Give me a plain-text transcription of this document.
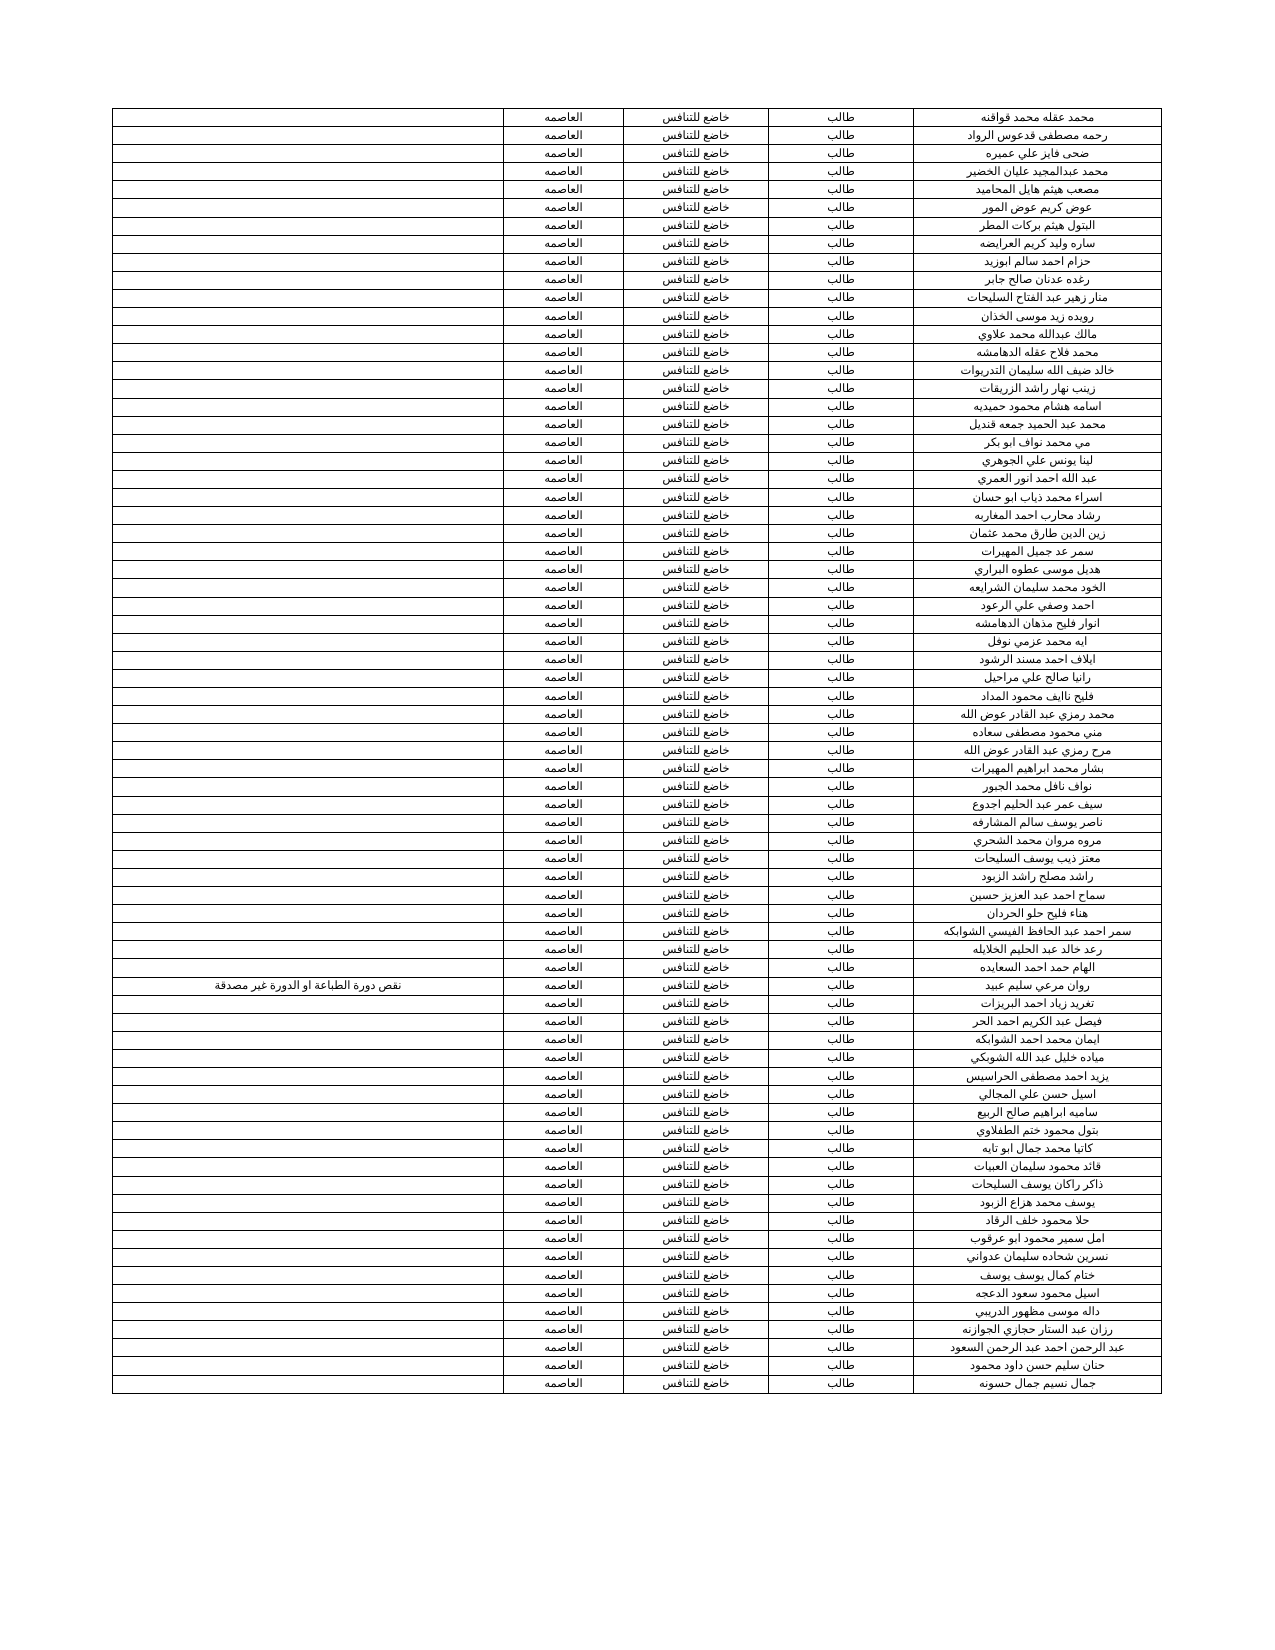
محمد عقله محمد قواقنه	طالب	خاضع للتنافس	العاصمه	
رحمه مصطفى قدعوس الرواد	طالب	خاضع للتنافس	العاصمه	
ضحى فايز علي عميره	طالب	خاضع للتنافس	العاصمه	
محمد عبدالمجيد عليان الخضير	طالب	خاضع للتنافس	العاصمه	
مصعب هيثم هايل المحاميد	طالب	خاضع للتنافس	العاصمه	
عوض كريم عوض المور	طالب	خاضع للتنافس	العاصمه	
البتول هيثم بركات المطر	طالب	خاضع للتنافس	العاصمه	
ساره وليد كريم العرايضه	طالب	خاضع للتنافس	العاصمه	
حزام احمد سالم ابوزيد	طالب	خاضع للتنافس	العاصمه	
رغده عدنان صالح جابر	طالب	خاضع للتنافس	العاصمه	
منار زهير عبد الفتاح السليحات	طالب	خاضع للتنافس	العاصمه	
رويده زيد موسى الخذان	طالب	خاضع للتنافس	العاصمه	
مالك عبدالله محمد علاوي	طالب	خاضع للتنافس	العاصمه	
محمد فلاح عقله الدهامشه	طالب	خاضع للتنافس	العاصمه	
خالد ضيف الله سليمان التدريوات	طالب	خاضع للتنافس	العاصمه	
زينب نهار راشد الزريقات	طالب	خاضع للتنافس	العاصمه	
اسامه هشام محمود حميديه	طالب	خاضع للتنافس	العاصمه	
محمد عبد الحميد جمعه قنديل	طالب	خاضع للتنافس	العاصمه	
مي محمد نواف ابو بكر	طالب	خاضع للتنافس	العاصمه	
لينا يونس علي الجوهري	طالب	خاضع للتنافس	العاصمه	
عبد الله احمد انور العمري	طالب	خاضع للتنافس	العاصمه	
اسراء محمد ذياب ابو حسان	طالب	خاضع للتنافس	العاصمه	
رشاد محارب احمد المغاربه	طالب	خاضع للتنافس	العاصمه	
زين الدين طارق محمد عثمان	طالب	خاضع للتنافس	العاصمه	
سمر عد جميل المهيرات	طالب	خاضع للتنافس	العاصمه	
هديل موسى عطوه البراري	طالب	خاضع للتنافس	العاصمه	
الخود محمد سليمان الشرايعه	طالب	خاضع للتنافس	العاصمه	
احمد وصفي علي الرعود	طالب	خاضع للتنافس	العاصمه	
انوار فليح مذهان الدهامشه	طالب	خاضع للتنافس	العاصمه	
ايه محمد عزمي نوفل	طالب	خاضع للتنافس	العاصمه	
ايلاف احمد مسند الرشود	طالب	خاضع للتنافس	العاصمه	
رانيا صالح علي مراحيل	طالب	خاضع للتنافس	العاصمه	
فليح ناايف محمود المداد	طالب	خاضع للتنافس	العاصمه	
محمد رمزي عبد القادر عوض الله	طالب	خاضع للتنافس	العاصمه	
مني محمود مصطفى سعاده	طالب	خاضع للتنافس	العاصمه	
مرح رمزي عبد القادر عوض الله	طالب	خاضع للتنافس	العاصمه	
بشار محمد ابراهيم المهيرات	طالب	خاضع للتنافس	العاصمه	
نواف نافل محمد الجبور	طالب	خاضع للتنافس	العاصمه	
سيف عمر عبد الحليم اجدوع	طالب	خاضع للتنافس	العاصمه	
ناصر يوسف سالم المشارفه	طالب	خاضع للتنافس	العاصمه	
مروه مروان محمد الشحري	طالب	خاضع للتنافس	العاصمه	
معتز ذيب يوسف السليحات	طالب	خاضع للتنافس	العاصمه	
راشد مصلح راشد الزبود	طالب	خاضع للتنافس	العاصمه	
سماح احمد عبد العزيز حسين	طالب	خاضع للتنافس	العاصمه	
هناء فليح حلو الحردان	طالب	خاضع للتنافس	العاصمه	
سمر احمد عبد الحافظ الفيسي الشوابكه	طالب	خاضع للتنافس	العاصمه	
رعد خالد عبد الحليم الخلايله	طالب	خاضع للتنافس	العاصمه	
الهام حمد احمد السعايده	طالب	خاضع للتنافس	العاصمه	
روان مرعي سليم عبيد	طالب	خاضع للتنافس	العاصمه	نقص دورة الطباعة او الدورة غير مصدقة
تغريد زياد احمد البريزات	طالب	خاضع للتنافس	العاصمه	
فيصل عبد الكريم احمد الحر	طالب	خاضع للتنافس	العاصمه	
ايمان محمد احمد الشوابكه	طالب	خاضع للتنافس	العاصمه	
مياده خليل عبد الله الشوبكي	طالب	خاضع للتنافس	العاصمه	
يزيد احمد مصطفى الحراسيس	طالب	خاضع للتنافس	العاصمه	
اسيل حسن علي المجالي	طالب	خاضع للتنافس	العاصمه	
ساميه ابراهيم صالح الربيع	طالب	خاضع للتنافس	العاصمه	
بتول محمود ختم الطفلاوي	طالب	خاضع للتنافس	العاصمه	
كاتيا محمد جمال ابو تايه	طالب	خاضع للتنافس	العاصمه	
قائد محمود سليمان العبيات	طالب	خاضع للتنافس	العاصمه	
ذاكر راكان يوسف السليحات	طالب	خاضع للتنافس	العاصمه	
يوسف محمد هزاع الزبود	طالب	خاضع للتنافس	العاصمه	
حلا محمود خلف الرقاد	طالب	خاضع للتنافس	العاصمه	
امل سمير محمود ابو عرقوب	طالب	خاضع للتنافس	العاصمه	
نسرين شحاده سليمان عدواني	طالب	خاضع للتنافس	العاصمه	
ختام كمال يوسف يوسف	طالب	خاضع للتنافس	العاصمه	
اسيل محمود سعود الدعجه	طالب	خاضع للتنافس	العاصمه	
داله موسى مظهور الدريبي	طالب	خاضع للتنافس	العاصمه	
رزان عبد الستار حجازي الجوازنه	طالب	خاضع للتنافس	العاصمه	
عبد الرحمن احمد عبد الرحمن السعود	طالب	خاضع للتنافس	العاصمه	
حنان سليم حسن داود محمود	طالب	خاضع للتنافس	العاصمه	
جمال نسيم جمال حسونه	طالب	خاضع للتنافس	العاصمه	
